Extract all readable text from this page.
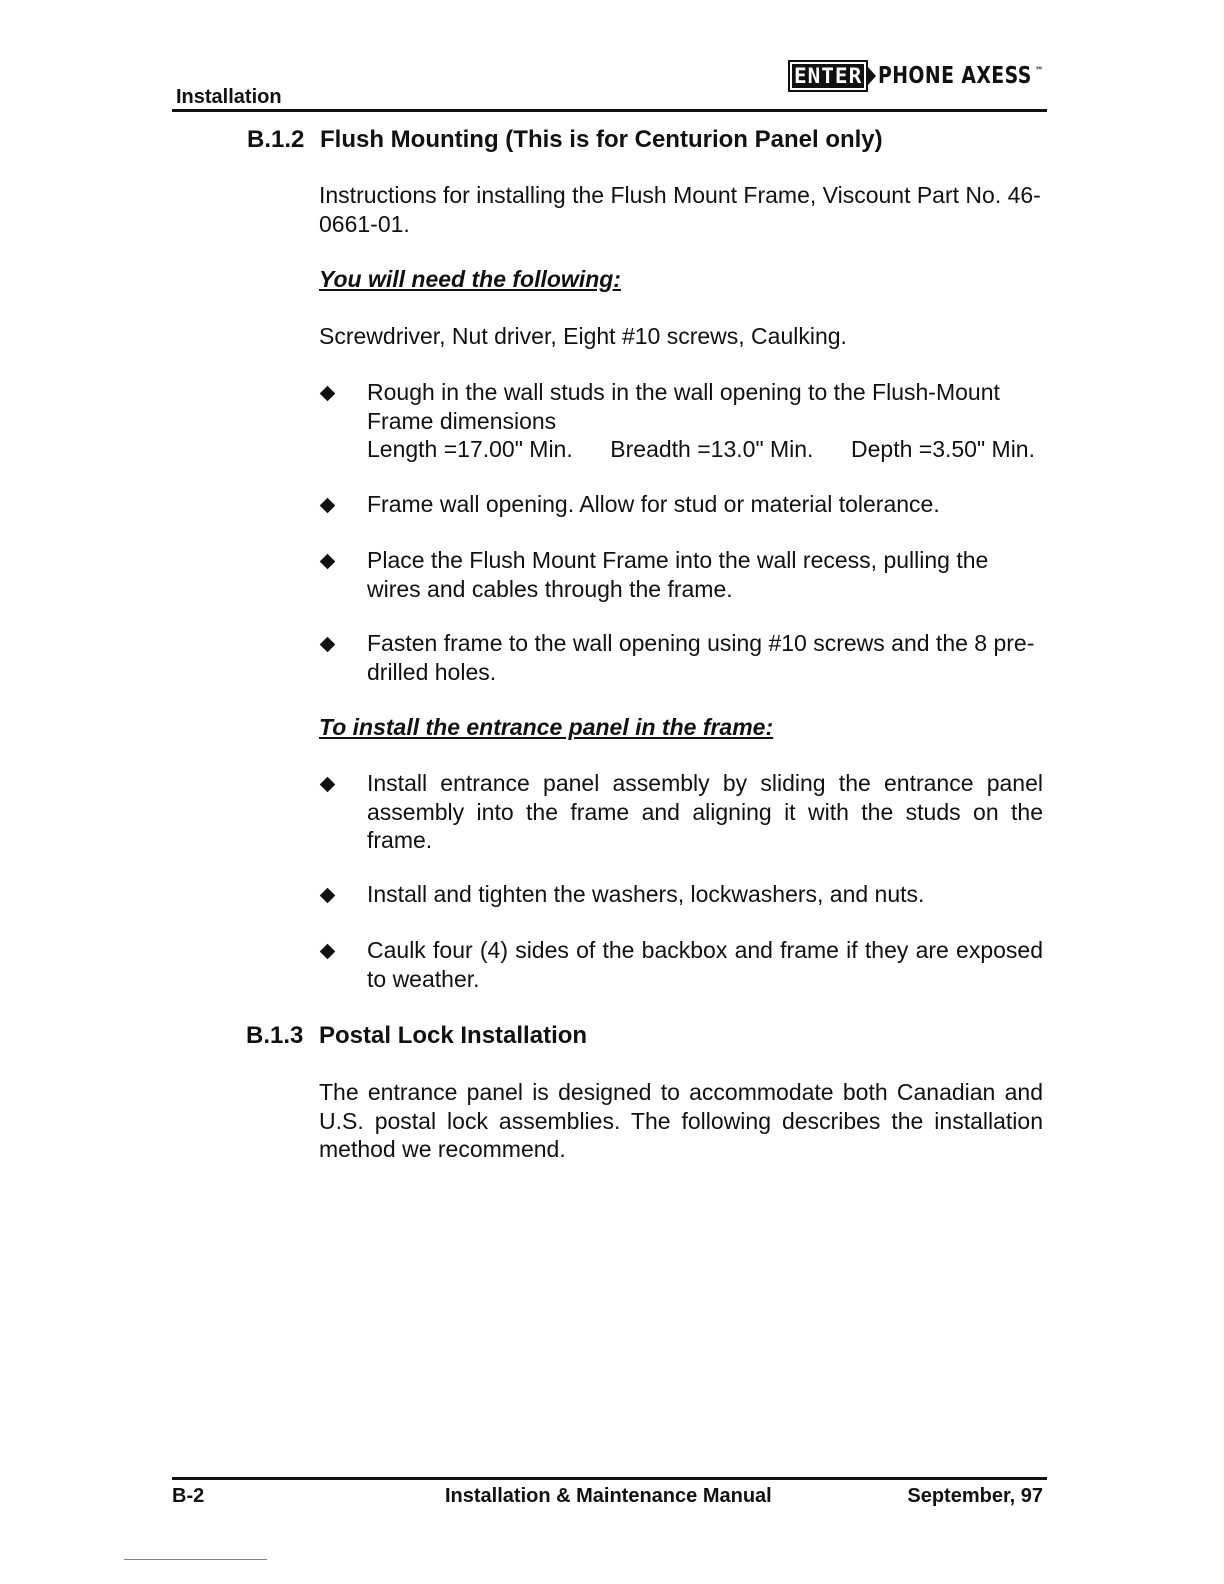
Installation
ENTER PHONE AXESS ™
B.1.2 Flush Mounting (This is for Centurion Panel only)
Instructions for installing the Flush Mount Frame, Viscount Part No. 46-0661-01.
You will need the following:
Screwdriver, Nut driver, Eight #10 screws, Caulking.
Rough in the wall studs in the wall opening to the Flush-Mount Frame dimensions
Length =17.00" Min. Breadth =13.0" Min. Depth =3.50" Min.
Frame wall opening. Allow for stud or material tolerance.
Place the Flush Mount Frame into the wall recess, pulling the wires and cables through the frame.
Fasten frame to the wall opening using #10 screws and the 8 pre-drilled holes.
To install the entrance panel in the frame:
Install entrance panel assembly by sliding the entrance panel assembly into the frame and aligning it with the studs on the frame.
Install and tighten the washers, lockwashers, and nuts.
Caulk four (4) sides of the backbox and frame if they are exposed to weather.
B.1.3 Postal Lock Installation
The entrance panel is designed to accommodate both Canadian and U.S. postal lock assemblies. The following describes the installation method we recommend.
B-2	Installation & Maintenance Manual	September, 97
